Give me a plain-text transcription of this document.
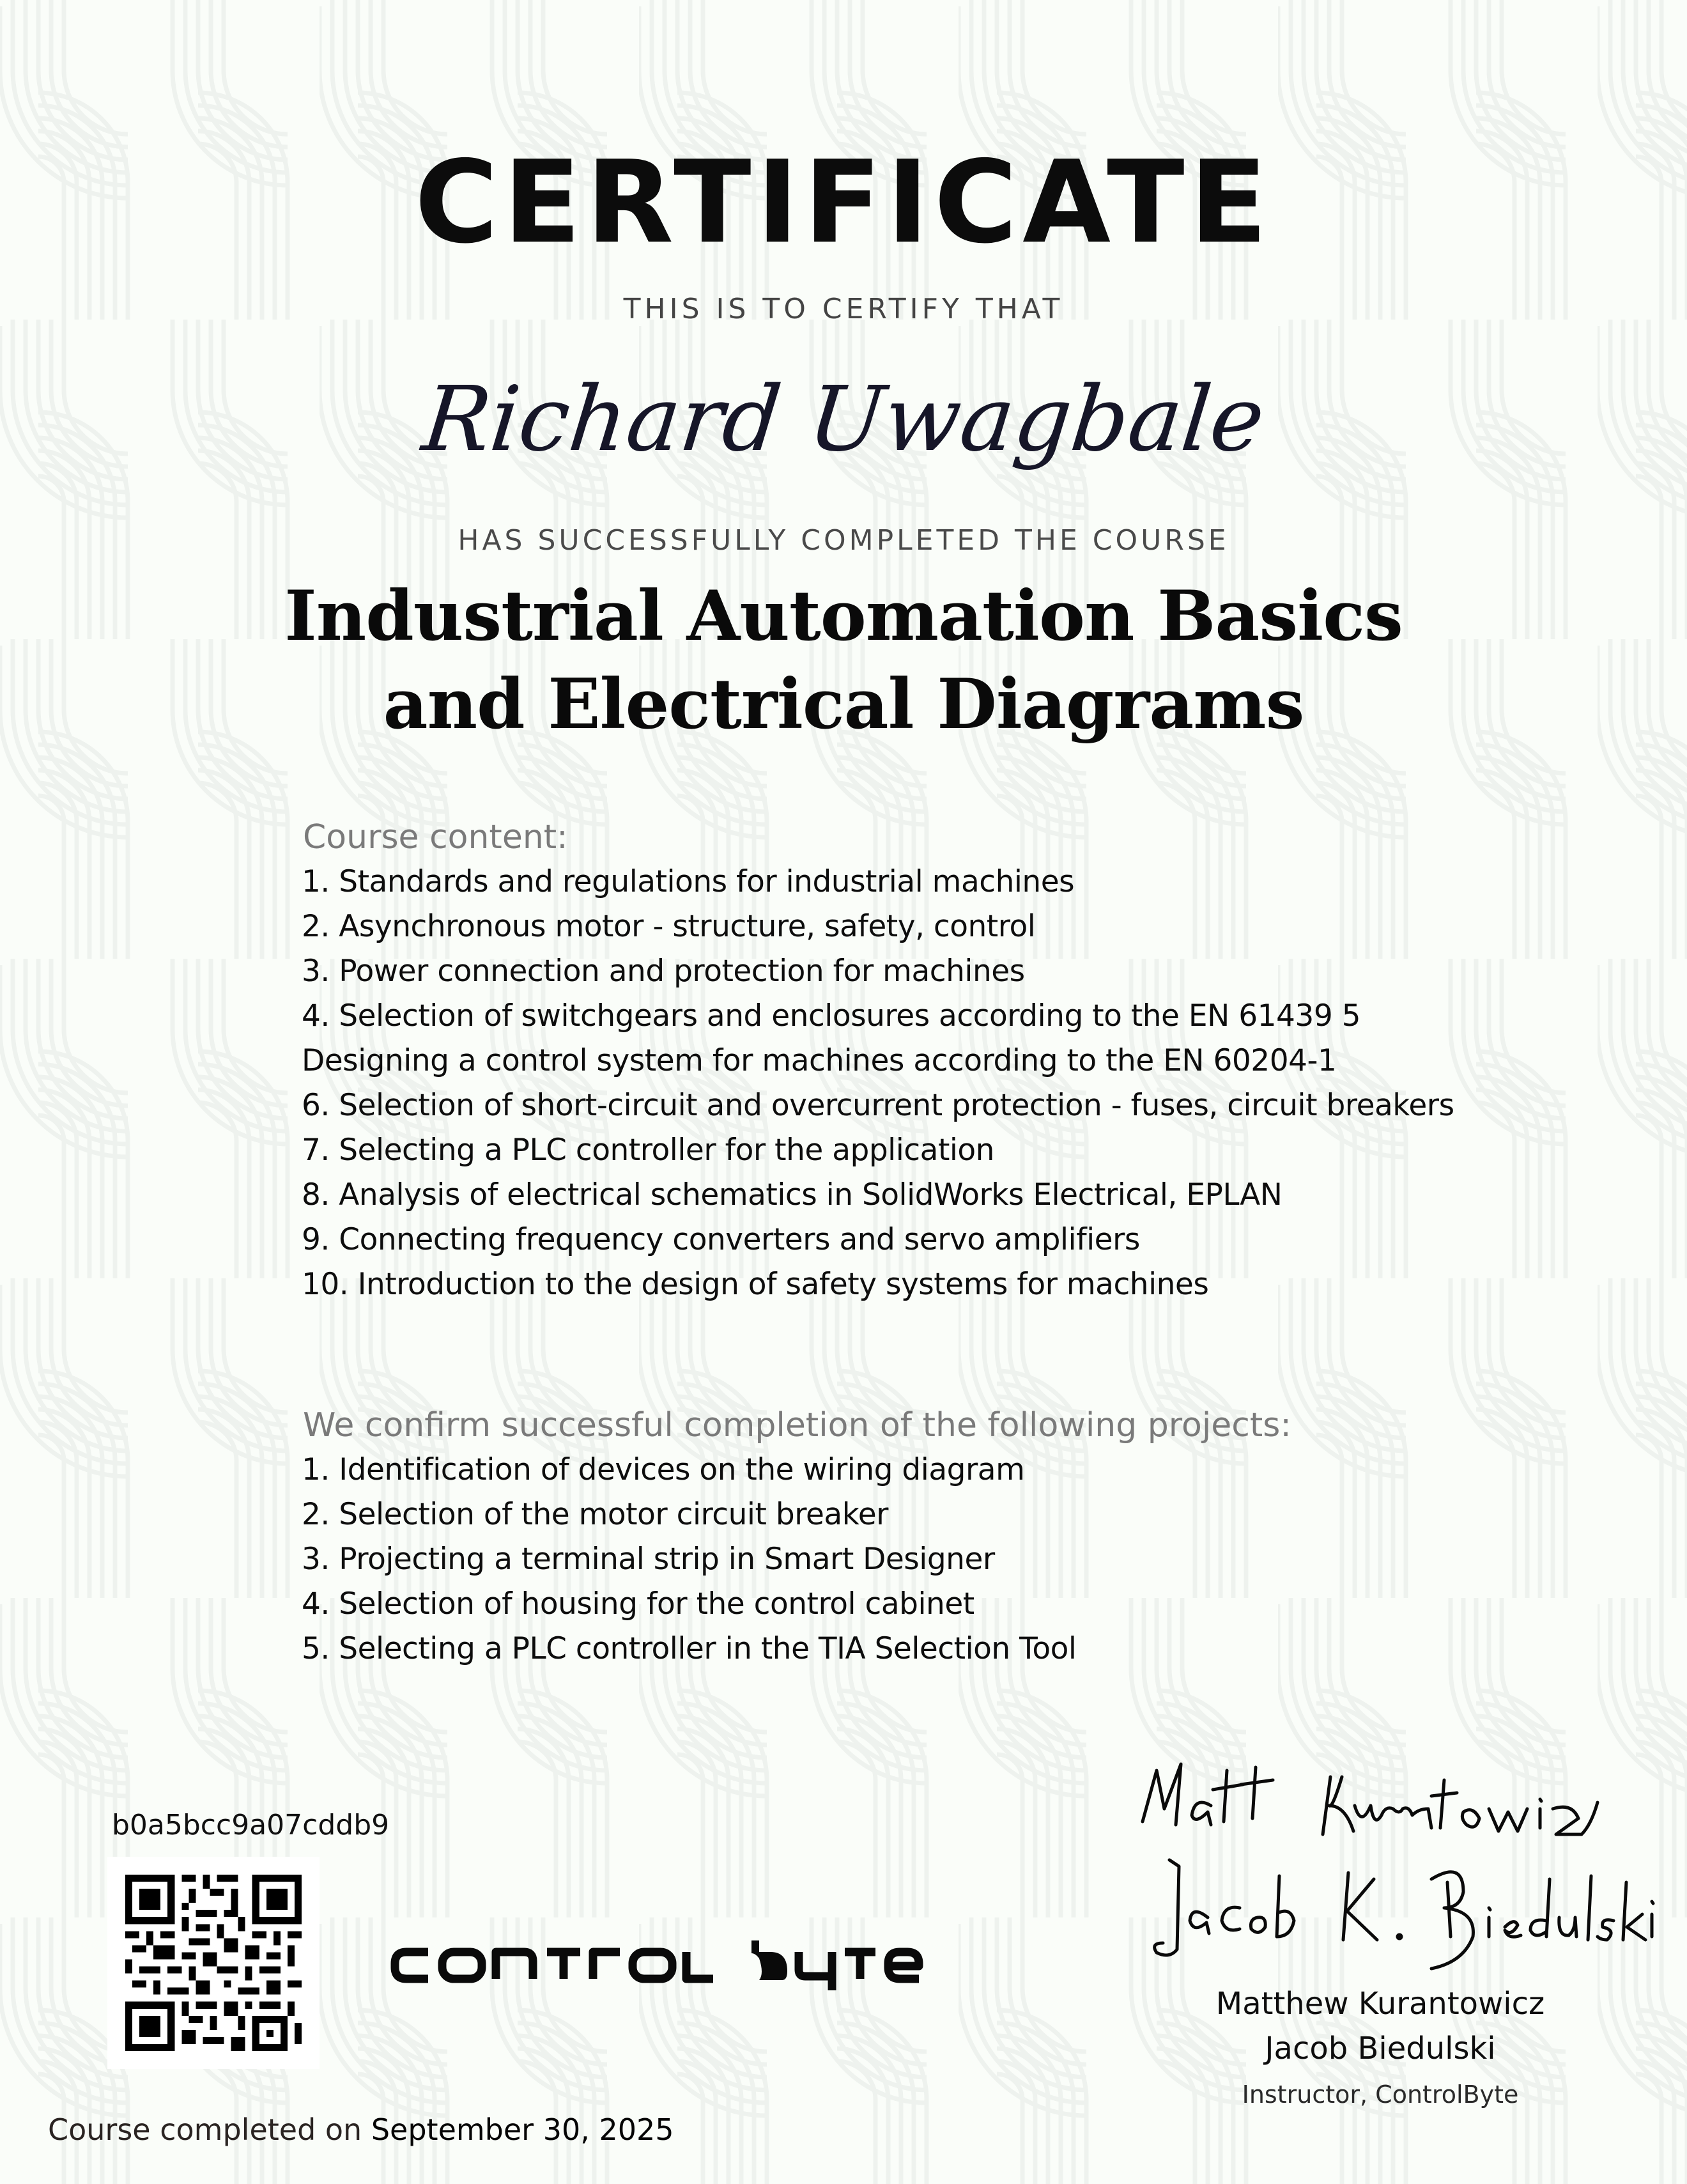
CERTIFICATE
THIS IS TO CERTIFY THAT
Richard Uwagbale
HAS SUCCESSFULLY COMPLETED THE COURSE
Industrial Automation Basics and Electrical Diagrams
Course content:
1. Standards and regulations for industrial machines
2. Asynchronous motor - structure, safety, control
3. Power connection and protection for machines
4. Selection of switchgears and enclosures according to the EN 61439 5 Designing a control system for machines according to the EN 60204-1
6. Selection of short-circuit and overcurrent protection - fuses, circuit breakers
7. Selecting a PLC controller for the application
8. Analysis of electrical schematics in SolidWorks Electrical, EPLAN
9. Connecting frequency converters and servo amplifiers
10. Introduction to the design of safety systems for machines
We confirm successful completion of the following projects:
1. Identification of devices on the wiring diagram
2. Selection of the motor circuit breaker
3. Projecting a terminal strip in Smart Designer
4. Selection of housing for the control cabinet
5. Selecting a PLC controller in the TIA Selection Tool
b0a5bcc9a07cddb9
Matthew Kurantowicz
Jacob Biedulski
Instructor, ControlByte
Course completed on September 30, 2025
